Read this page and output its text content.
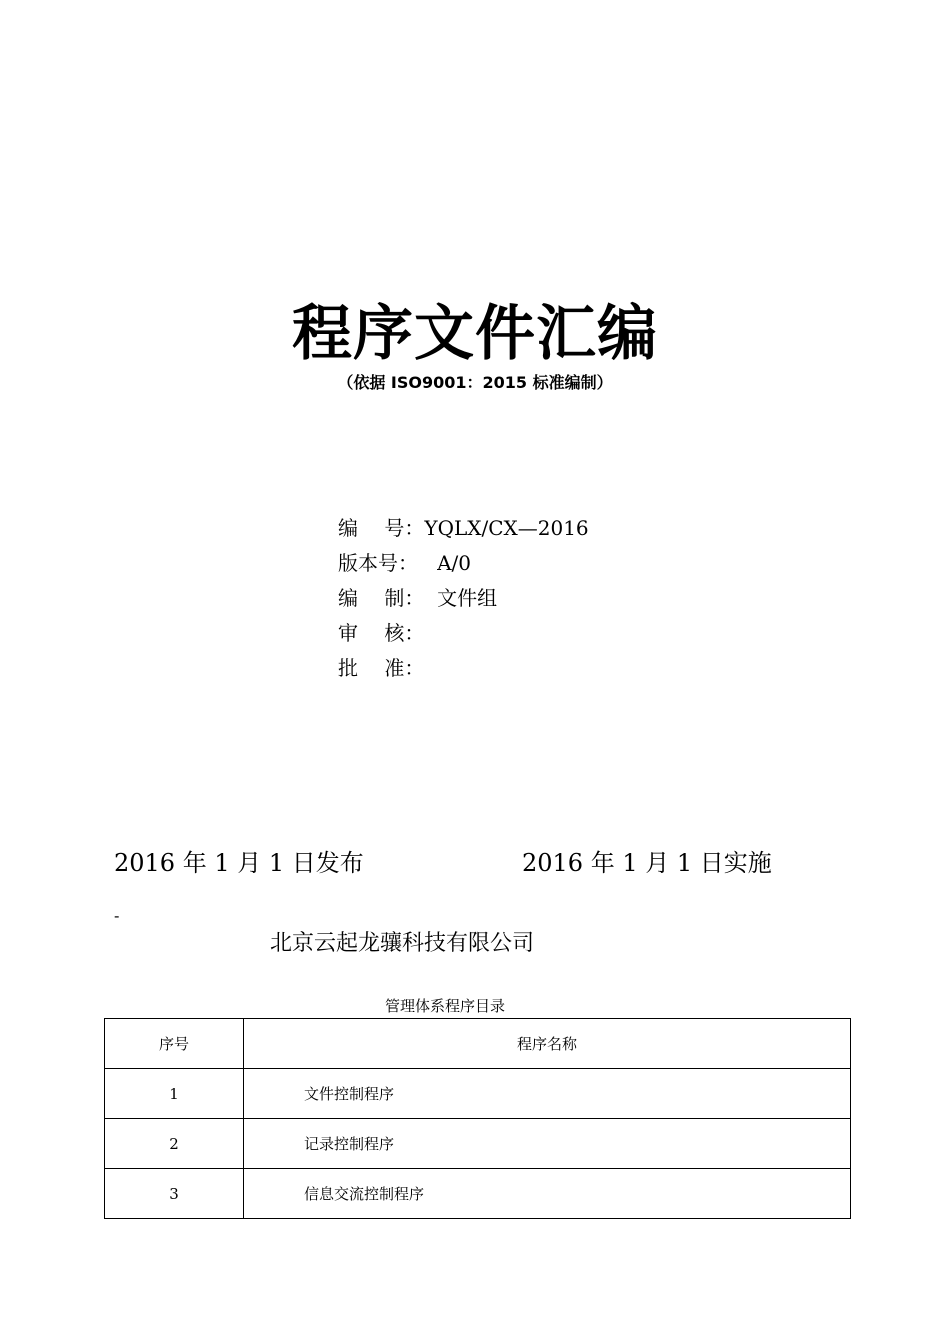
程序文件汇编
（依据 ISO9001：2015 标准编制）
编　 号：YQLX/CX—2016
版本号：   A/0
编　 制：  文件组
审　 核：
批　 准：
2016 年 1 月 1 日发布	2016 年 1 月 1 日实施
-
北京云起龙骧科技有限公司
管理体系程序目录
序号	程序名称
1	文件控制程序
2	记录控制程序
3	信息交流控制程序
